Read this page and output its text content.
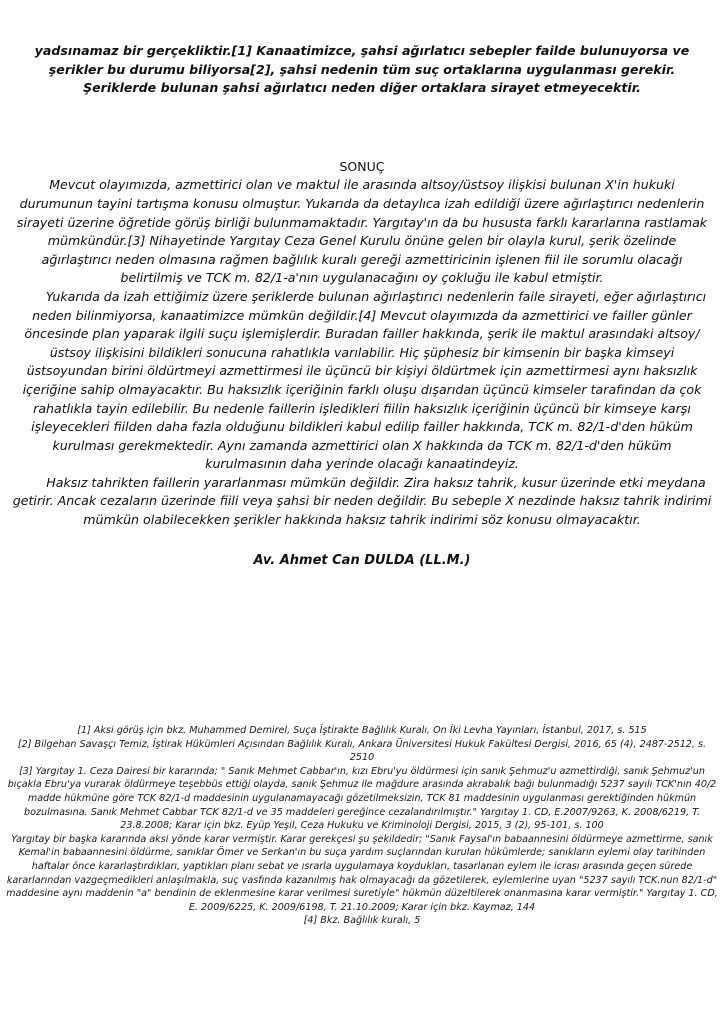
yadsınamaz bir gerçekliktir.[1] Kanaatimizce, şahsi ağırlatıcı sebepler failde bulunuyorsa ve şerikler bu durumu biliyorsa[2], şahsi nedenin tüm suç ortaklarına uygulanması gerekir. Şeriklerde bulunan şahsi ağırlatıcı neden diğer ortaklara sirayet etmeyecektir.

SONUÇ

Mevcut olayımızda, azmettirici olan ve maktul ile arasında altsoy/üstsoy ilişkisi bulunan X'in hukuki durumunun tayini tartışma konusu olmuştur. Yukarıda da detaylıca izah edildiği üzere ağırlaştırıcı nedenlerin sirayeti üzerine öğretide görüş birliği bulunmamaktadır. Yargıtay'ın da bu hususta farklı kararlarına rastlamak mümkündür.[3] Nihayetinde Yargıtay Ceza Genel Kurulu önüne gelen bir olayla kurul, şerik özelinde ağırlaştırıcı neden olmasına rağmen bağlılık kuralı gereği azmettiricinin işlenen fiil ile sorumlu olacağı belirtilmiş ve TCK m. 82/1-a'nın uygulanacağını oy çokluğu ile kabul etmiştir.

Yukarıda da izah ettiğimiz üzere şeriklerde bulunan ağırlaştırıcı nedenlerin faile sirayeti, eğer ağırlaştırıcı neden bilinmiyorsa, kanaatimizce mümkün değildir.[4] Mevcut olayımızda da azmettirici ve failler günler öncesinde plan yaparak ilgili suçu işlemişlerdir. Buradan failler hakkında, şerik ile maktul arasındaki altsoy/üstsoy ilişkisini bildikleri sonucuna rahatlıkla varılabilir. Hiç şüphesiz bir kimsenin bir başka kimseyi üstsoyundan birini öldürtmeyi azmettirmesi ile üçüncü bir kişiyi öldürtmek için azmettirmesi aynı haksızlık içeriğine sahip olmayacaktır. Bu haksızlık içeriğinin farklı oluşu dışarıdan üçüncü kimseler tarafından da çok rahatlıkla tayin edilebilir. Bu nedenle faillerin işledikleri fiilin haksızlık içeriğinin üçüncü bir kimseye karşı işleyecekleri fiilden daha fazla olduğunu bildikleri kabul edilip failler hakkında, TCK m. 82/1-d'den hüküm kurulması gerekmektedir. Aynı zamanda azmettirici olan X hakkında da TCK m. 82/1-d'den hüküm kurulmasının daha yerinde olacağı kanaatindeyiz.

Haksız tahrikten faillerin yararlanması mümkün değildir. Zira haksız tahrik, kusur üzerinde etki meydana getirir. Ancak cezaların üzerinde fiili veya şahsi bir neden değildir. Bu sebeple X nezdinde haksız tahrik indirimi mümkün olabilecekken şerikler hakkında haksız tahrik indirimi söz konusu olmayacaktır.

Av. Ahmet Can DULDA (LL.M.)

[1] Aksi görüş için bkz. Muhammed Demirel, Suça İştirakte Bağlılık Kuralı, On İki Levha Yayınları, İstanbul, 2017, s. 515

[2] Bilgehan Savaşçı Temiz, İştirak Hükümleri Açısından Bağlılık Kuralı, Ankara Üniversitesi Hukuk Fakültesi Dergisi, 2016, 65 (4), 2487-2512, s. 2510

[3] Yargıtay 1. Ceza Dairesi bir kararında; " Sanık Mehmet Cabbar'ın, kızı Ebru'yu öldürmesi için sanık Şehmuz'u azmettirdiği, sanık Şehmuz'un bıçakla Ebru'ya vurarak öldürmeye teşebbüs ettiği olayda, sanık Şehmuz ile mağdure arasında akrabalık bağı bulunmadığı 5237 sayılı TCK'nın 40/2 madde hükmüne göre TCK 82/1-d maddesinin uygulanamayacağı gözetilmeksizin, TCK 81 maddesinin uygulanması gerektiğinden hükmün bozulmasına. Sanık Mehmet Cabbar TCK 82/1-d ve 35 maddeleri gereğince cezalandırılmıştır." Yargıtay 1. CD, E.2007/9263, K. 2008/6219, T. 23.8.2008; Karar için bkz. Eyüp Yeşil, Ceza Hukuku ve Kriminoloji Dergisi, 2015, 3 (2), 95-101, s. 100

Yargıtay bir başka kararında aksi yönde karar vermiştir. Karar gerekçesi şu şekildedir; "Sanık Faysal'ın babaannesini öldürmeye azmettirme, sanık Kemal'in babaannesini öldürme, sanıklar Ömer ve Serkan'ın bu suça yardım suçlarından kurulan hükümlerde; sanıkların eylemi olay tarihinden haftalar önce kararlaştırdıkları, yaptıkları planı sebat ve ısrarla uygulamaya koydukları, tasarlanan eylem ile icrası arasında geçen sürede kararlarından vazgeçmedikleri anlaşılmakla, suç vasfında kazanılmış hak olmayacağı da gözetilerek, eylemlerine uyan "5237 sayılı TCK.nun 82/1-d" maddesine aynı maddenin "a" bendinin de eklenmesine karar verilmesi suretiyle" hükmün düzeltilerek onanmasına karar vermiştir." Yargıtay 1. CD, E. 2009/6225, K. 2009/6198, T. 21.10.2009; Karar için bkz. Kaymaz, 144

[4] Bkz. Bağlılık kuralı, 5
